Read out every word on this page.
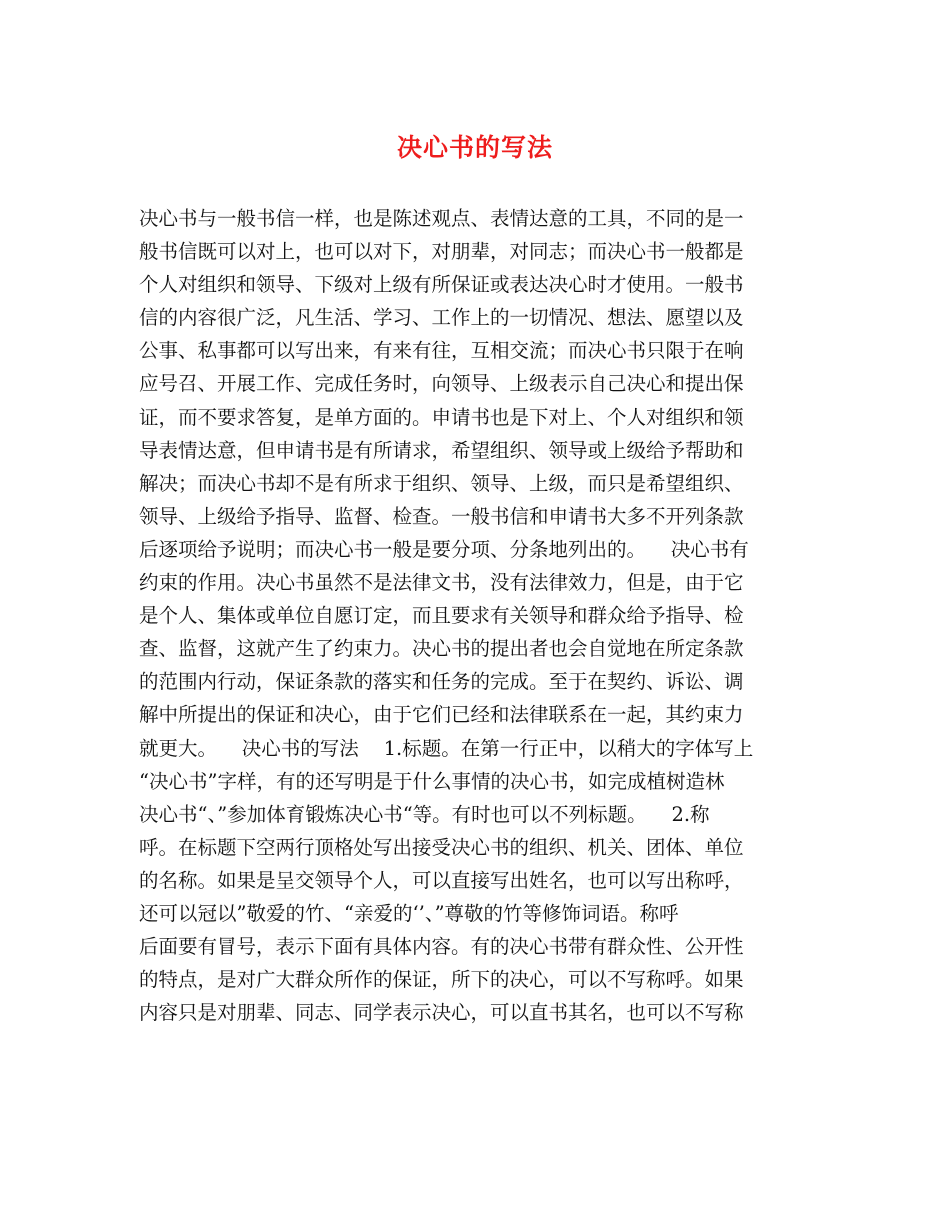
决心书的写法
决心书与一般书信一样，也是陈述观点、表情达意的工具，不同的是一
般书信既可以对上，也可以对下，对朋辈，对同志；而决心书一般都是
个人对组织和领导、下级对上级有所保证或表达决心时才使用。一般书
信的内容很广泛，凡生活、学习、工作上的一切情况、想法、愿望以及
公事、私事都可以写出来，有来有往，互相交流；而决心书只限于在响
应号召、开展工作、完成任务时，向领导、上级表示自己决心和提出保
证，而不要求答复，是单方面的。申请书也是下对上、个人对组织和领
导表情达意，但申请书是有所请求，希望组织、领导或上级给予帮助和
解决；而决心书却不是有所求于组织、领导、上级，而只是希望组织、
领导、上级给予指导、监督、检查。一般书信和申请书大多不开列条款
后逐项给予说明；而决心书一般是要分项、分条地列出的。    决心书有
约束的作用。决心书虽然不是法律文书，没有法律效力，但是，由于它
是个人、集体或单位自愿订定，而且要求有关领导和群众给予指导、检
查、监督，这就产生了约束力。决心书的提出者也会自觉地在所定条款
的范围内行动，保证条款的落实和任务的完成。至于在契约、诉讼、调
解中所提出的保证和决心，由于它们已经和法律联系在一起，其约束力
就更大。    决心书的写法    1.标题。在第一行正中，以稍大的字体写上
“决心书”字样，有的还写明是于什么事情的决心书，如完成植树造林
决心书“、”参加体育锻炼决心书“等。有时也可以不列标题。    2.称
呼。在标题下空两行顶格处写出接受决心书的组织、机关、团体、单位
的名称。如果是呈交领导个人，可以直接写出姓名，也可以写出称呼，
还可以冠以”敬爱的竹、“亲爱的‘’、”尊敬的竹等修饰词语。称呼
后面要有冒号，表示下面有具体内容。有的决心书带有群众性、公开性
的特点，是对广大群众所作的保证，所下的决心，可以不写称呼。如果
内容只是对朋辈、同志、同学表示决心，可以直书其名，也可以不写称
